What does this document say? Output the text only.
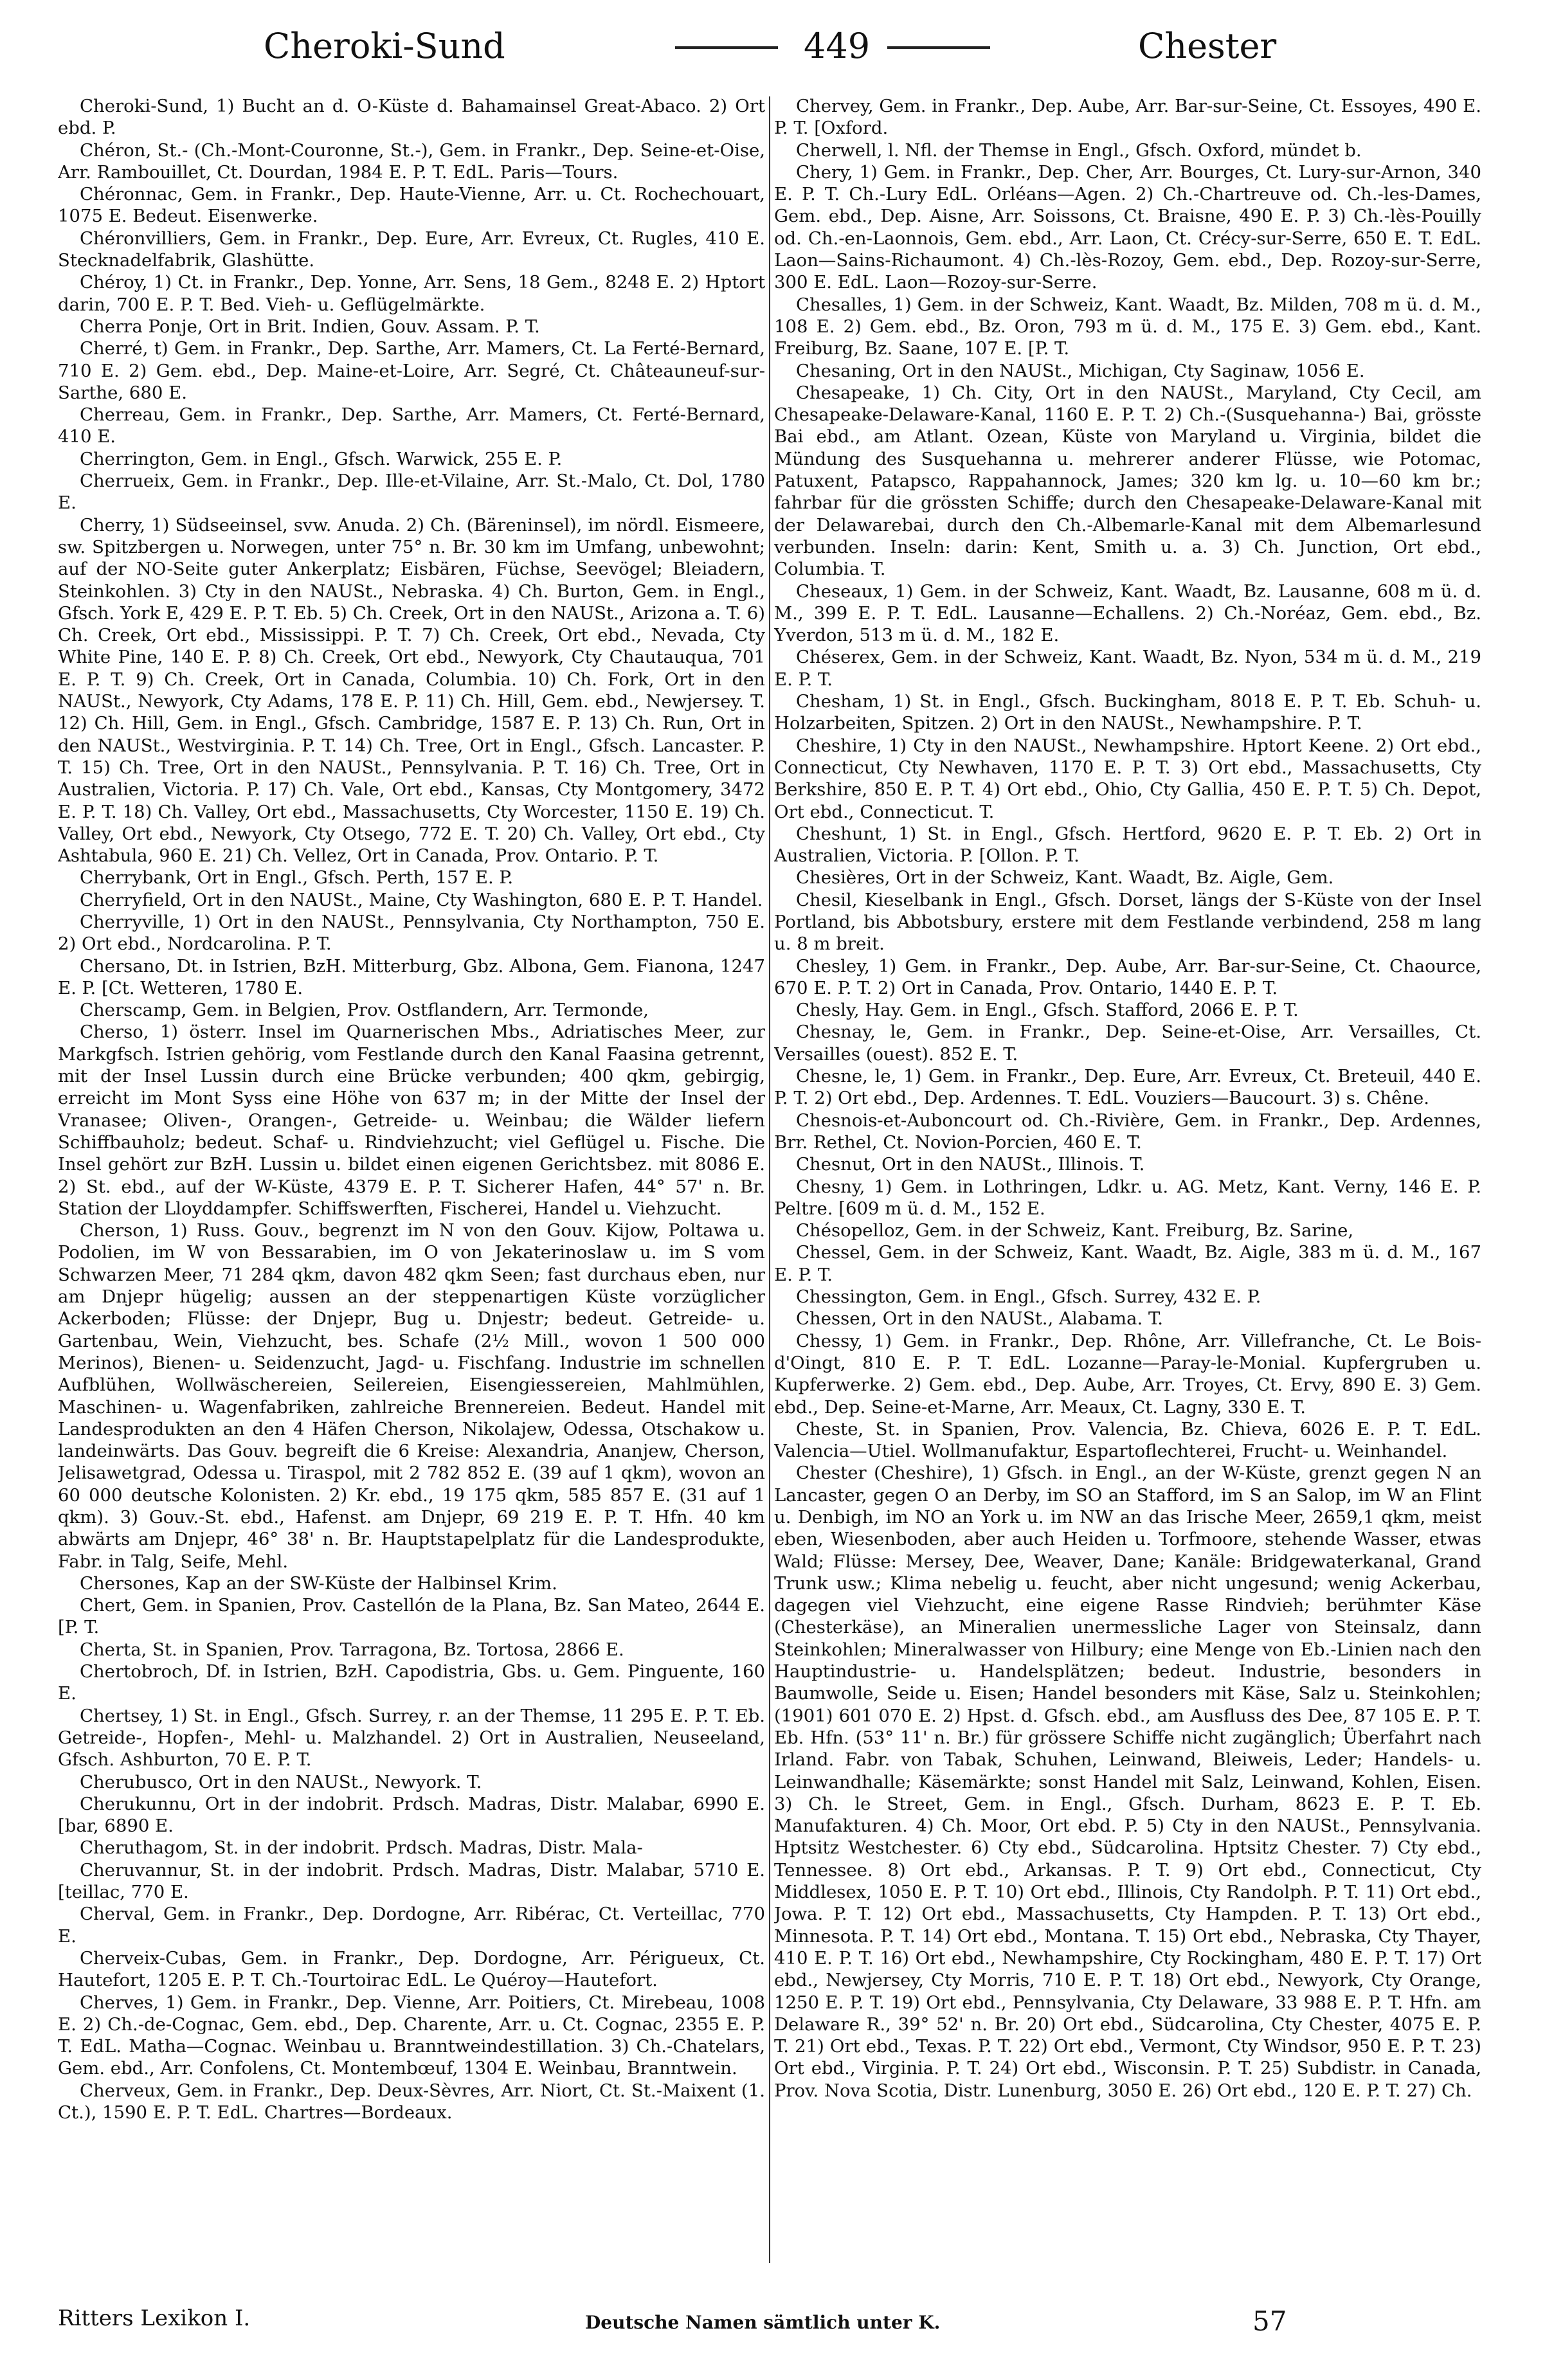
Cheroki-Sund	449	Chester

Cheroki-Sund, 1) Bucht an d. O-Küste d. Bahamainsel Great-Abaco. 2) Ort ebd. P.

Chéron, St.- (Ch.-Mont-Couronne, St.-), Gem. in Frankr., Dep. Seine-et-Oise, Arr. Rambouillet, Ct. Dourdan, 1984 E. P. T. EdL. Paris—Tours.

Chéronnac, Gem. in Frankr., Dep. Haute-Vienne, Arr. u. Ct. Rochechouart, 1075 E. Bedeut. Eisenwerke.

Chéronvilliers, Gem. in Frankr., Dep. Eure, Arr. Evreux, Ct. Rugles, 410 E. Stecknadelfabrik, Glashütte.

Chéroy, 1) Ct. in Frankr., Dep. Yonne, Arr. Sens, 18 Gem., 8248 E. 2) Hptort darin, 700 E. P. T. Bed. Vieh- u. Geflügelmärkte.

Cherra Ponje, Ort in Brit. Indien, Gouv. Assam. P. T.

Cherré, t) Gem. in Frankr., Dep. Sarthe, Arr. Mamers, Ct. La Ferté-Bernard, 710 E. 2) Gem. ebd., Dep. Maine-et-Loire, Arr. Segré, Ct. Châteauneuf-sur-Sarthe, 680 E.

Cherreau, Gem. in Frankr., Dep. Sarthe, Arr. Mamers, Ct. Ferté-Bernard, 410 E.

Cherrington, Gem. in Engl., Gfsch. Warwick, 255 E. P.

Cherrueix, Gem. in Frankr., Dep. Ille-et-Vilaine, Arr. St.-Malo, Ct. Dol, 1780 E.

Cherry, 1) Südseeinsel, svw. Anuda. 2) Ch. (Bäreninsel), im nördl. Eismeere, sw. Spitzbergen u. Norwegen, unter 75° n. Br. 30 km im Umfang, unbewohnt; auf der NO-Seite guter Ankerplatz; Eisbären, Füchse, Seevögel; Bleiadern, Steinkohlen. 3) Cty in den NAUSt., Nebraska. 4) Ch. Burton, Gem. in Engl., Gfsch. York E, 429 E. P. T. Eb. 5) Ch. Creek, Ort in den NAUSt., Arizona a. T. 6) Ch. Creek, Ort ebd., Mississippi. P. T. 7) Ch. Creek, Ort ebd., Nevada, Cty White Pine, 140 E. P. 8) Ch. Creek, Ort ebd., Newyork, Cty Chautauqua, 701 E. P. T. 9) Ch. Creek, Ort in Canada, Columbia. 10) Ch. Fork, Ort in den NAUSt., Newyork, Cty Adams, 178 E. P. 11) Ch. Hill, Gem. ebd., Newjersey. T. 12) Ch. Hill, Gem. in Engl., Gfsch. Cambridge, 1587 E. P. 13) Ch. Run, Ort in den NAUSt., Westvirginia. P. T. 14) Ch. Tree, Ort in Engl., Gfsch. Lancaster. P. T. 15) Ch. Tree, Ort in den NAUSt., Pennsylvania. P. T. 16) Ch. Tree, Ort in Australien, Victoria. P. 17) Ch. Vale, Ort ebd., Kansas, Cty Montgomery, 3472 E. P. T. 18) Ch. Valley, Ort ebd., Massachusetts, Cty Worcester, 1150 E. 19) Ch. Valley, Ort ebd., Newyork, Cty Otsego, 772 E. T. 20) Ch. Valley, Ort ebd., Cty Ashtabula, 960 E. 21) Ch. Vellez, Ort in Canada, Prov. Ontario. P. T.

Cherrybank, Ort in Engl., Gfsch. Perth, 157 E. P.

Cherryfield, Ort in den NAUSt., Maine, Cty Washington, 680 E. P. T. Handel.

Cherryville, 1) Ort in den NAUSt., Pennsylvania, Cty Northampton, 750 E. 2) Ort ebd., Nordcarolina. P. T.

Chersano, Dt. in Istrien, BzH. Mitterburg, Gbz. Albona, Gem. Fianona, 1247 E. P. [Ct. Wetteren, 1780 E.

Cherscamp, Gem. in Belgien, Prov. Ostflandern, Arr. Termonde,

Cherso, 1) österr. Insel im Quarnerischen Mbs., Adriatisches Meer, zur Markgfsch. Istrien gehörig, vom Festlande durch den Kanal Faasina getrennt, mit der Insel Lussin durch eine Brücke verbunden; 400 qkm, gebirgig, erreicht im Mont Syss eine Höhe von 637 m; in der Mitte der Insel der Vranasee; Oliven-, Orangen-, Getreide- u. Weinbau; die Wälder liefern Schiffbauholz; bedeut. Schaf- u. Rindviehzucht; viel Geflügel u. Fische. Die Insel gehört zur BzH. Lussin u. bildet einen eigenen Gerichtsbez. mit 8086 E. 2) St. ebd., auf der W-Küste, 4379 E. P. T. Sicherer Hafen, 44° 57' n. Br. Station der Lloyddampfer. Schiffswerften, Fischerei, Handel u. Viehzucht.

Cherson, 1) Russ. Gouv., begrenzt im N von den Gouv. Kijow, Poltawa u. Podolien, im W von Bessarabien, im O von Jekaterinoslaw u. im S vom Schwarzen Meer, 71 284 qkm, davon 482 qkm Seen; fast durchaus eben, nur am Dnjepr hügelig; aussen an der steppenartigen Küste vorzüglicher Ackerboden; Flüsse: der Dnjepr, Bug u. Dnjestr; bedeut. Getreide- u. Gartenbau, Wein, Viehzucht, bes. Schafe (2½ Mill., wovon 1 500 000 Merinos), Bienen- u. Seidenzucht, Jagd- u. Fischfang. Industrie im schnellen Aufblühen, Wollwäschereien, Seilereien, Eisengiessereien, Mahlmühlen, Maschinen- u. Wagenfabriken, zahlreiche Brennereien. Bedeut. Handel mit Landesprodukten an den 4 Häfen Cherson, Nikolajew, Odessa, Otschakow u. landeinwärts. Das Gouv. begreift die 6 Kreise: Alexandria, Ananjew, Cherson, Jelisawetgrad, Odessa u. Tiraspol, mit 2 782 852 E. (39 auf 1 qkm), wovon an 60 000 deutsche Kolonisten. 2) Kr. ebd., 19 175 qkm, 585 857 E. (31 auf 1 qkm). 3) Gouv.-St. ebd., Hafenst. am Dnjepr, 69 219 E. P. T. Hfn. 40 km abwärts am Dnjepr, 46° 38' n. Br. Hauptstapelplatz für die Landesprodukte, Fabr. in Talg, Seife, Mehl.

Chersones, Kap an der SW-Küste der Halbinsel Krim.

Chert, Gem. in Spanien, Prov. Castellón de la Plana, Bz. San Mateo, 2644 E. [P. T.

Cherta, St. in Spanien, Prov. Tarragona, Bz. Tortosa, 2866 E.

Chertobroch, Df. in Istrien, BzH. Capodistria, Gbs. u. Gem. Pinguente, 160 E.

Chertsey, 1) St. in Engl., Gfsch. Surrey, r. an der Themse, 11 295 E. P. T. Eb. Getreide-, Hopfen-, Mehl- u. Malzhandel. 2) Ort in Australien, Neuseeland, Gfsch. Ashburton, 70 E. P. T.

Cherubusco, Ort in den NAUSt., Newyork. T.

Cherukunnu, Ort in der indobrit. Prdsch. Madras, Distr. Malabar, 6990 E. [bar, 6890 E.

Cheruthagom, St. in der indobrit. Prdsch. Madras, Distr. Mala-

Cheruvannur, St. in der indobrit. Prdsch. Madras, Distr. Malabar, 5710 E. [teillac, 770 E.

Cherval, Gem. in Frankr., Dep. Dordogne, Arr. Ribérac, Ct. Verteillac, 770 E.

Cherveix-Cubas, Gem. in Frankr., Dep. Dordogne, Arr. Périgueux, Ct. Hautefort, 1205 E. P. T. Ch.-Tourtoirac EdL. Le Quéroy—Hautefort.

Cherves, 1) Gem. in Frankr., Dep. Vienne, Arr. Poitiers, Ct. Mirebeau, 1008 E. 2) Ch.-de-Cognac, Gem. ebd., Dep. Charente, Arr. u. Ct. Cognac, 2355 E. P. T. EdL. Matha—Cognac. Weinbau u. Branntweindestillation. 3) Ch.-Chatelars, Gem. ebd., Arr. Confolens, Ct. Montembœuf, 1304 E. Weinbau, Branntwein.

Cherveux, Gem. in Frankr., Dep. Deux-Sèvres, Arr. Niort, Ct. St.-Maixent (1. Ct.), 1590 E. P. T. EdL. Chartres—Bordeaux.

Chervey, Gem. in Frankr., Dep. Aube, Arr. Bar-sur-Seine, Ct. Essoyes, 490 E. P. T. [Oxford.

Cherwell, l. Nfl. der Themse in Engl., Gfsch. Oxford, mündet b.

Chery, 1) Gem. in Frankr., Dep. Cher, Arr. Bourges, Ct. Lury-sur-Arnon, 340 E. P. T. Ch.-Lury EdL. Orléans—Agen. 2) Ch.-Chartreuve od. Ch.-les-Dames, Gem. ebd., Dep. Aisne, Arr. Soissons, Ct. Braisne, 490 E. P. 3) Ch.-lès-Pouilly od. Ch.-en-Laonnois, Gem. ebd., Arr. Laon, Ct. Crécy-sur-Serre, 650 E. T. EdL. Laon—Sains-Richaumont. 4) Ch.-lès-Rozoy, Gem. ebd., Dep. Rozoy-sur-Serre, 300 E. EdL. Laon—Rozoy-sur-Serre.

Chesalles, 1) Gem. in der Schweiz, Kant. Waadt, Bz. Milden, 708 m ü. d. M., 108 E. 2) Gem. ebd., Bz. Oron, 793 m ü. d. M., 175 E. 3) Gem. ebd., Kant. Freiburg, Bz. Saane, 107 E. [P. T.

Chesaning, Ort in den NAUSt., Michigan, Cty Saginaw, 1056 E.

Chesapeake, 1) Ch. City, Ort in den NAUSt., Maryland, Cty Cecil, am Chesapeake-Delaware-Kanal, 1160 E. P. T. 2) Ch.-(Susquehanna-) Bai, grösste Bai ebd., am Atlant. Ozean, Küste von Maryland u. Virginia, bildet die Mündung des Susquehanna u. mehrerer anderer Flüsse, wie Potomac, Patuxent, Patapsco, Rappahannock, James; 320 km lg. u. 10—60 km br.; fahrbar für die grössten Schiffe; durch den Chesapeake-Delaware-Kanal mit der Delawarebai, durch den Ch.-Albemarle-Kanal mit dem Albemarlesund verbunden. Inseln: darin: Kent, Smith u. a. 3) Ch. Junction, Ort ebd., Columbia. T.

Cheseaux, 1) Gem. in der Schweiz, Kant. Waadt, Bz. Lausanne, 608 m ü. d. M., 399 E. P. T. EdL. Lausanne—Echallens. 2) Ch.-Noréaz, Gem. ebd., Bz. Yverdon, 513 m ü. d. M., 182 E.

Chéserex, Gem. in der Schweiz, Kant. Waadt, Bz. Nyon, 534 m ü. d. M., 219 E. P. T.

Chesham, 1) St. in Engl., Gfsch. Buckingham, 8018 E. P. T. Eb. Schuh- u. Holzarbeiten, Spitzen. 2) Ort in den NAUSt., Newhampshire. P. T.

Cheshire, 1) Cty in den NAUSt., Newhampshire. Hptort Keene. 2) Ort ebd., Connecticut, Cty Newhaven, 1170 E. P. T. 3) Ort ebd., Massachusetts, Cty Berkshire, 850 E. P. T. 4) Ort ebd., Ohio, Cty Gallia, 450 E. P. T. 5) Ch. Depot, Ort ebd., Connecticut. T.

Cheshunt, 1) St. in Engl., Gfsch. Hertford, 9620 E. P. T. Eb. 2) Ort in Australien, Victoria. P. [Ollon. P. T.

Chesières, Ort in der Schweiz, Kant. Waadt, Bz. Aigle, Gem.

Chesil, Kieselbank in Engl., Gfsch. Dorset, längs der S-Küste von der Insel Portland, bis Abbotsbury, ersterе mit dem Festlande verbindend, 258 m lang u. 8 m breit.

Chesley, 1) Gem. in Frankr., Dep. Aube, Arr. Bar-sur-Seine, Ct. Chaource, 670 E. P. T. 2) Ort in Canada, Prov. Ontario, 1440 E. P. T.

Chesly, Hay. Gem. in Engl., Gfsch. Stafford, 2066 E. P. T.

Chesnay, le, Gem. in Frankr., Dep. Seine-et-Oise, Arr. Versailles, Ct. Versailles (ouest). 852 E. T.

Chesne, le, 1) Gem. in Frankr., Dep. Eure, Arr. Evreux, Ct. Breteuil, 440 E. P. T. 2) Ort ebd., Dep. Ardennes. T. EdL. Vouziers—Baucourt. 3) s. Chêne.

Chesnois-et-Auboncourt od. Ch.-Rivière, Gem. in Frankr., Dep. Ardennes, Brr. Rethel, Ct. Novion-Porcien, 460 E. T.

Chesnut, Ort in den NAUSt., Illinois. T.

Chesny, 1) Gem. in Lothringen, Ldkr. u. AG. Metz, Kant. Verny, 146 E. P. Peltre. [609 m ü. d. M., 152 E.

Chésopelloz, Gem. in der Schweiz, Kant. Freiburg, Bz. Sarine,

Chessel, Gem. in der Schweiz, Kant. Waadt, Bz. Aigle, 383 m ü. d. M., 167 E. P. T.

Chessington, Gem. in Engl., Gfsch. Surrey, 432 E. P.

Chessen, Ort in den NAUSt., Alabama. T.

Chessy, 1) Gem. in Frankr., Dep. Rhône, Arr. Villefranche, Ct. Le Bois-d'Oingt, 810 E. P. T. EdL. Lozanne—Paray-le-Monial. Kupfergruben u. Kupferwerke. 2) Gem. ebd., Dep. Aube, Arr. Troyes, Ct. Ervy, 890 E. 3) Gem. ebd., Dep. Seine-et-Marne, Arr. Meaux, Ct. Lagny, 330 E. T.

Cheste, St. in Spanien, Prov. Valencia, Bz. Chieva, 6026 E. P. T. EdL. Valencia—Utiel. Wollmanufaktur, Espartoflechterei, Frucht- u. Weinhandel.

Chester (Cheshire), 1) Gfsch. in Engl., an der W-Küste, grenzt gegen N an Lancaster, gegen O an Derby, im SO an Stafford, im S an Salop, im W an Flint u. Denbigh, im NO an York u. im NW an das Irische Meer, 2659,1 qkm, meist eben, Wiesenboden, aber auch Heiden u. Torfmoore, stehende Wasser, etwas Wald; Flüsse: Mersey, Dee, Weaver, Dane; Kanäle: Bridgewaterkanal, Grand Trunk usw.; Klima nebelig u. feucht, aber nicht ungesund; wenig Ackerbau, dagegen viel Viehzucht, eine eigene Rasse Rindvieh; berühmter Käse (Chesterkäse), an Mineralien unermessliche Lager von Steinsalz, dann Steinkohlen; Mineralwasser von Hilbury; eine Menge von Eb.-Linien nach den Hauptindustrie- u. Handelsplätzen; bedeut. Industrie, besonders in Baumwolle, Seide u. Eisen; Handel besonders mit Käse, Salz u. Steinkohlen; (1901) 601 070 E. 2) Hpst. d. Gfsch. ebd., am Ausfluss des Dee, 87 105 E. P. T. Eb. Hfn. (53° 11' n. Br.) für grössere Schiffe nicht zugänglich; Überfahrt nach Irland. Fabr. von Tabak, Schuhen, Leinwand, Bleiweis, Leder; Handels- u. Leinwandhalle; Käsemärkte; sonst Handel mit Salz, Leinwand, Kohlen, Eisen. 3) Ch. le Street, Gem. in Engl., Gfsch. Durham, 8623 E. P. T. Eb. Manufakturen. 4) Ch. Moor, Ort ebd. P. 5) Cty in den NAUSt., Pennsylvania. Hptsitz Westchester. 6) Cty ebd., Südcarolina. Hptsitz Chester. 7) Cty ebd., Tennessee. 8) Ort ebd., Arkansas. P. T. 9) Ort ebd., Connecticut, Cty Middlesex, 1050 E. P. T. 10) Ort ebd., Illinois, Cty Randolph. P. T. 11) Ort ebd., Jowa. P. T. 12) Ort ebd., Massachusetts, Cty Hampden. P. T. 13) Ort ebd., Minnesota. P. T. 14) Ort ebd., Montana. T. 15) Ort ebd., Nebraska, Cty Thayer, 410 E. P. T. 16) Ort ebd., Newhampshire, Cty Rockingham, 480 E. P. T. 17) Ort ebd., Newjersey, Cty Morris, 710 E. P. T. 18) Ort ebd., Newyork, Cty Orange, 1250 E. P. T. 19) Ort ebd., Pennsylvania, Cty Delaware, 33 988 E. P. T. Hfn. am Delaware R., 39° 52' n. Br. 20) Ort ebd., Südcarolina, Cty Chester, 4075 E. P. T. 21) Ort ebd., Texas. P. T. 22) Ort ebd., Vermont, Cty Windsor, 950 E. P. T. 23) Ort ebd., Virginia. P. T. 24) Ort ebd., Wisconsin. P. T. 25) Subdistr. in Canada, Prov. Nova Scotia, Distr. Lunenburg, 3050 E. 26) Ort ebd., 120 E. P. T. 27) Ch.

Ritters Lexikon I.	Deutsche Namen sämtlich unter K.	57
